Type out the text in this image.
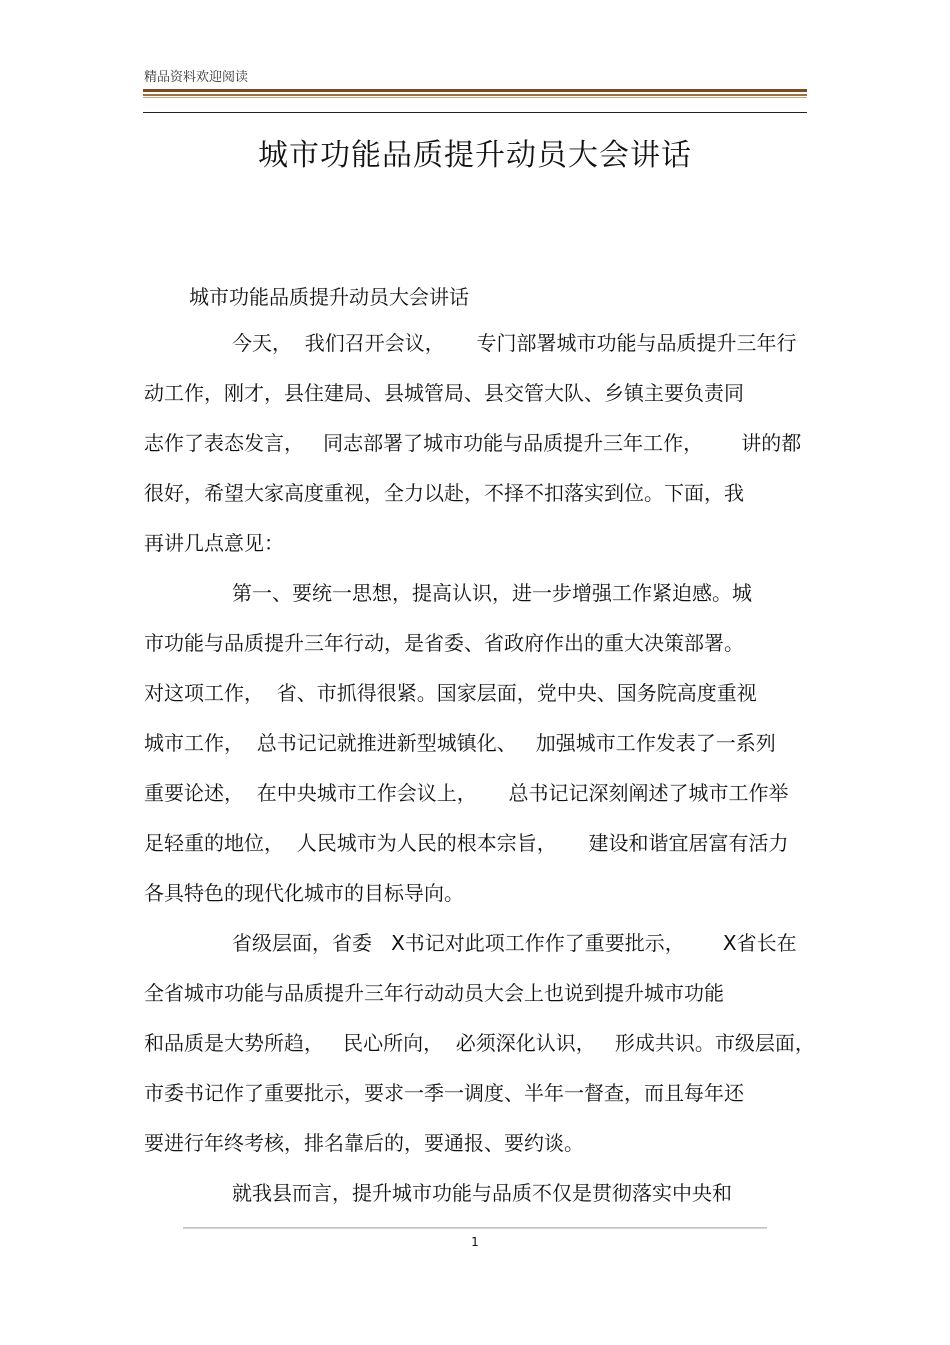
精品资料欢迎阅读
城市功能品质提升动员大会讲话
城市功能品质提升动员大会讲话
今天，  我们召开会议，     专门部署城市功能与品质提升三年行
动工作，刚才，县住建局、县城管局、县交管大队、乡镇主要负责同
志作了表态发言，   同志部署了城市功能与品质提升三年工作，      讲的都
很好，希望大家高度重视，全力以赴，不择不扣落实到位。下面，我
再讲几点意见：
第一、要统一思想，提高认识，进一步增强工作紧迫感。城
市功能与品质提升三年行动，是省委、省政府作出的重大决策部署。
对这项工作，  省、市抓得很紧。国家层面，党中央、国务院高度重视
城市工作，  总书记记就推进新型城镇化、   加强城市工作发表了一系列
重要论述，  在中央城市工作会议上，     总书记记深刻阐述了城市工作举
足轻重的地位，  人民城市为人民的根本宗旨，     建设和谐宜居富有活力
各具特色的现代化城市的目标导向。
省级层面，省委   X书记对此项工作作了重要批示，      X省长在
全省城市功能与品质提升三年行动动员大会上也说到提升城市功能
和品质是大势所趋，   民心所向，  必须深化认识，   形成共识。市级层面，
市委书记作了重要批示，要求一季一调度、半年一督查，而且每年还
要进行年终考核，排名靠后的，要通报、要约谈。
就我县而言，提升城市功能与品质不仅是贯彻落实中央和
1
